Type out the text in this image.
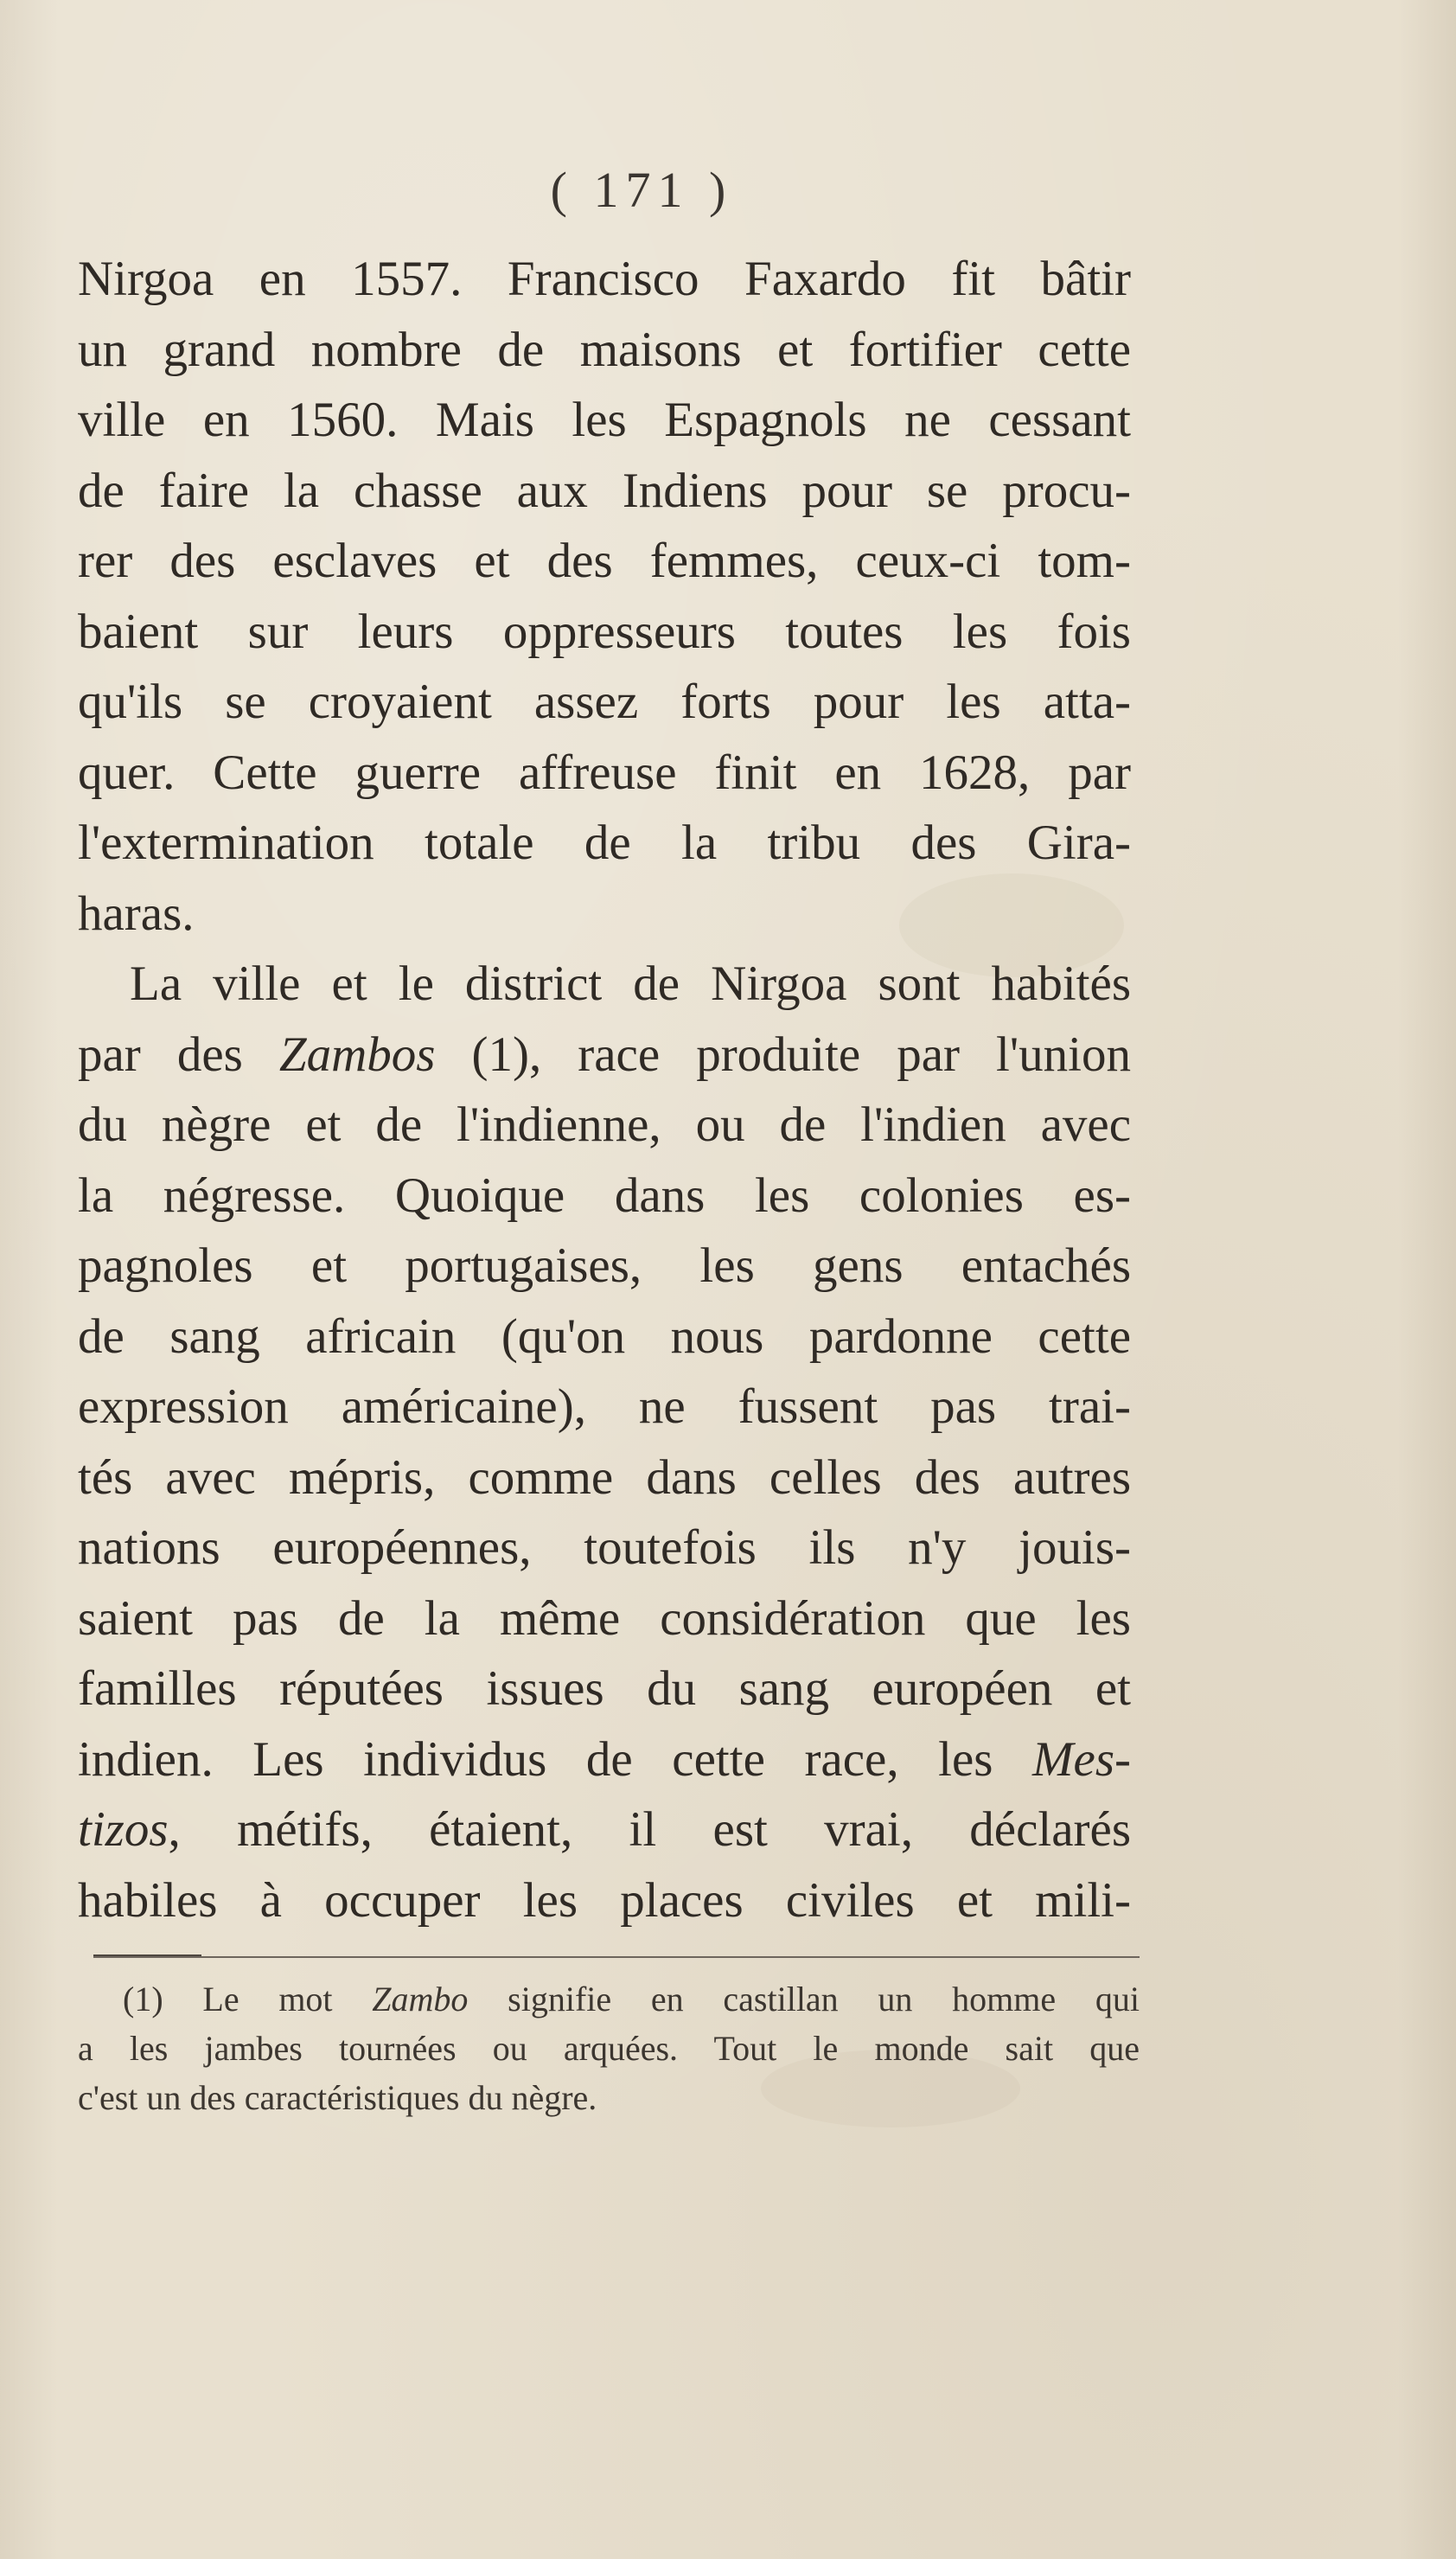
( 171 )
Nirgoa en 1557. Francisco Faxardo fit bâtir
un grand nombre de maisons et fortifier cette
ville en 1560. Mais les Espagnols ne cessant
de faire la chasse aux Indiens pour se procu-
rer des esclaves et des femmes, ceux-ci tom-
baient sur leurs oppresseurs toutes les fois
qu'ils se croyaient assez forts pour les atta-
quer. Cette guerre affreuse finit en 1628, par
l'extermination totale de la tribu des Gira-
haras.
La ville et le district de Nirgoa sont habités
par des Zambos (1), race produite par l'union
du nègre et de l'indienne, ou de l'indien avec
la négresse. Quoique dans les colonies es-
pagnoles et portugaises, les gens entachés
de sang africain (qu'on nous pardonne cette
expression américaine), ne fussent pas trai-
tés avec mépris, comme dans celles des autres
nations européennes, toutefois ils n'y jouis-
saient pas de la même considération que les
familles réputées issues du sang européen et
indien. Les individus de cette race, les Mes-
tizos, métifs, étaient, il est vrai, déclarés
habiles à occuper les places civiles et mili-
(1) Le mot Zambo signifie en castillan un homme qui
a les jambes tournées ou arquées. Tout le monde sait que
c'est un des caractéristiques du nègre.
